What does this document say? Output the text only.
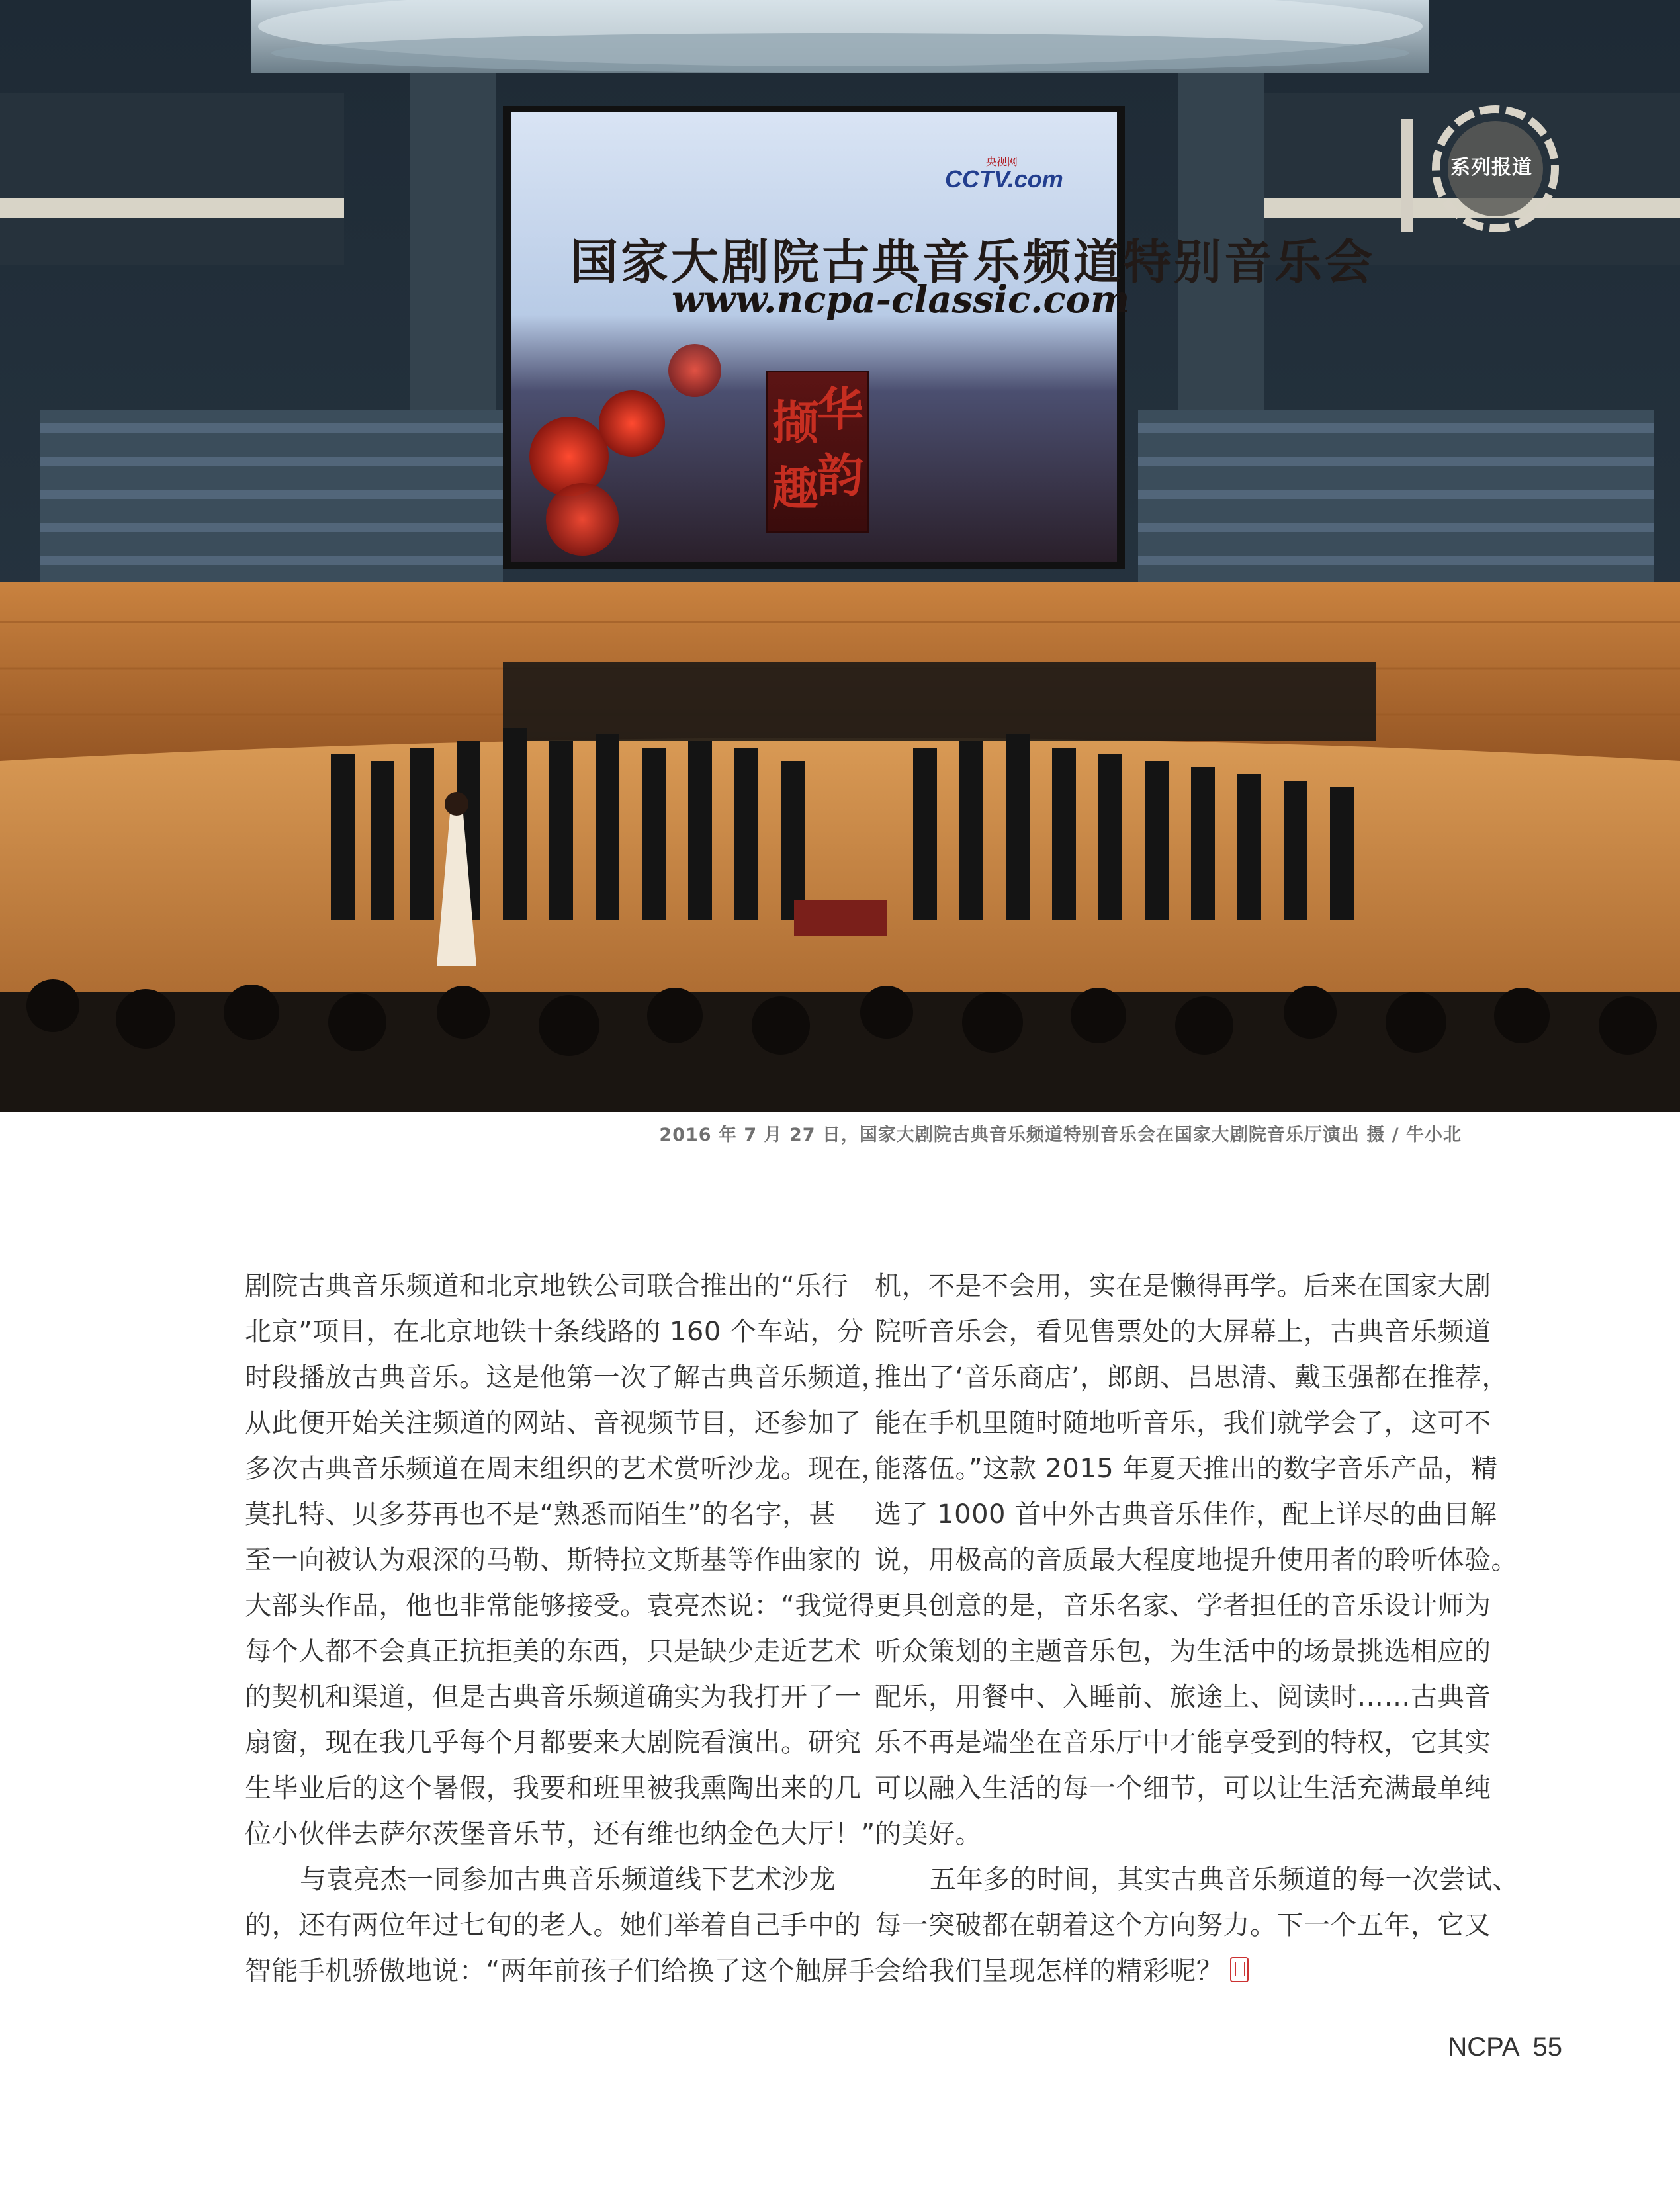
国家大剧院古典音乐频道特别音乐会
www.ncpa-classic.com
CCTV.com
央视网
撷
华
趣
韵
系列报道
2016 年 7 月 27 日，国家大剧院古典音乐频道特别音乐会在国家大剧院音乐厅演出 摄 / 牛小北
剧院古典音乐频道和北京地铁公司联合推出的“乐行
北京”项目，在北京地铁十条线路的 160 个车站，分
时段播放古典音乐。这是他第一次了解古典音乐频道，
从此便开始关注频道的网站、音视频节目，还参加了
多次古典音乐频道在周末组织的艺术赏听沙龙。现在，
莫扎特、贝多芬再也不是“熟悉而陌生”的名字，甚
至一向被认为艰深的马勒、斯特拉文斯基等作曲家的
大部头作品，他也非常能够接受。袁亮杰说：“我觉得
每个人都不会真正抗拒美的东西，只是缺少走近艺术
的契机和渠道，但是古典音乐频道确实为我打开了一
扇窗，现在我几乎每个月都要来大剧院看演出。研究
生毕业后的这个暑假，我要和班里被我熏陶出来的几
位小伙伴去萨尔茨堡音乐节，还有维也纳金色大厅！”
与袁亮杰一同参加古典音乐频道线下艺术沙龙
的，还有两位年过七旬的老人。她们举着自己手中的
智能手机骄傲地说：“两年前孩子们给换了这个触屏手
机，不是不会用，实在是懒得再学。后来在国家大剧
院听音乐会，看见售票处的大屏幕上，古典音乐频道
推出了‘音乐商店’，郎朗、吕思清、戴玉强都在推荐，
能在手机里随时随地听音乐，我们就学会了，这可不
能落伍。”这款 2015 年夏天推出的数字音乐产品，精
选了 1000 首中外古典音乐佳作，配上详尽的曲目解
说，用极高的音质最大程度地提升使用者的聆听体验。
更具创意的是，音乐名家、学者担任的音乐设计师为
听众策划的主题音乐包，为生活中的场景挑选相应的
配乐，用餐中、入睡前、旅途上、阅读时……古典音
乐不再是端坐在音乐厅中才能享受到的特权，它其实
可以融入生活的每一个细节，可以让生活充满最单纯
的美好。
五年多的时间，其实古典音乐频道的每一次尝试、
每一突破都在朝着这个方向努力。下一个五年，它又
会给我们呈现怎样的精彩呢？
NCPA 55
